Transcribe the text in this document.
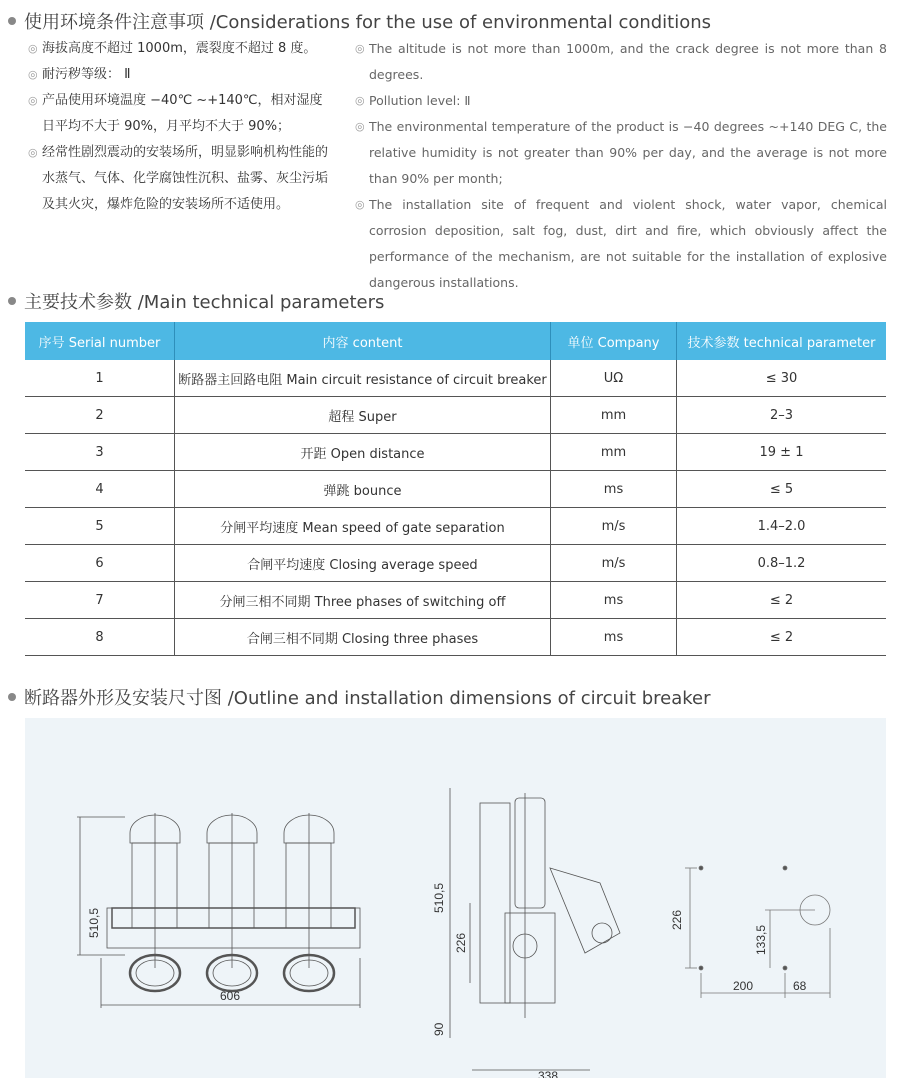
使用环境条件注意事项 /Considerations for the use of environmental conditions
◎ 海拔高度不超过 1000m，震裂度不超过 8 度。
◎ 耐污秽等级： Ⅱ
◎ 产品使用环境温度 −40℃ ~+140℃，相对湿度日平均不大于 90%，月平均不大于 90%；
◎ 经常性剧烈震动的安装场所，明显影响机构性能的水蒸气、气体、化学腐蚀性沉积、盐雾、灰尘污垢及其火灾，爆炸危险的安装场所不适使用。
◎ The altitude is not more than 1000m, and the crack degree is not more than 8 degrees.
◎ Pollution level: Ⅱ
◎ The environmental temperature of the product is −40 degrees ~+140 DEG C, the relative humidity is not greater than 90% per day, and the average is not more than 90% per month;
◎ The installation site of frequent and violent shock, water vapor, chemical corrosion deposition, salt fog, dust, dirt and fire, which obviously affect the performance of the mechanism, are not suitable for the installation of explosive dangerous installations.
主要技术参数 /Main technical parameters
序号 Serial number	内容 content	单位 Company	技术参数 technical parameter
1	断路器主回路电阻 Main circuit resistance of circuit breaker	UΩ	≤ 30
2	超程 Super	mm	2–3
3	开距 Open distance	mm	19 ± 1
4	弹跳 bounce	ms	≤ 5
5	分闸平均速度 Mean speed of gate separation	m/s	1.4–2.0
6	合闸平均速度 Closing average speed	m/s	0.8–1.2
7	分闸三相不同期 Three phases of switching off	ms	≤ 2
8	合闸三相不同期 Closing three phases	ms	≤ 2
断路器外形及安装尺寸图 /Outline and installation dimensions of circuit breaker
510,5
606
510,5
226
90
338
226
133,5
200	68
